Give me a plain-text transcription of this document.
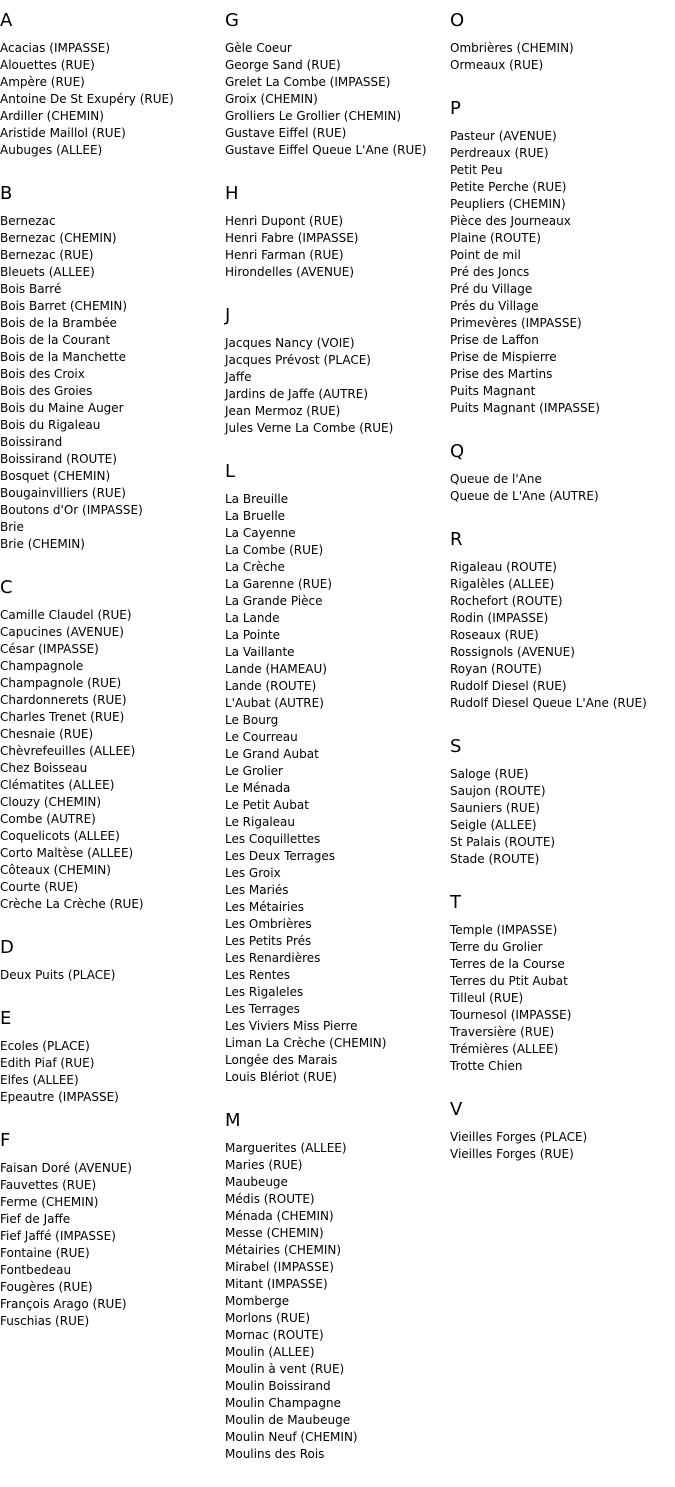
A
Acacias (IMPASSE)
Alouettes (RUE)
Ampère (RUE)
Antoine De St Exupéry (RUE)
Ardiller (CHEMIN)
Aristide Maillol (RUE)
Aubuges (ALLEE)
B
Bernezac
Bernezac (CHEMIN)
Bernezac (RUE)
Bleuets (ALLEE)
Bois Barré
Bois Barret (CHEMIN)
Bois de la Brambée
Bois de la Courant
Bois de la Manchette
Bois des Croix
Bois des Groies
Bois du Maine Auger
Bois du Rigaleau
Boissirand
Boissirand (ROUTE)
Bosquet (CHEMIN)
Bougainvilliers (RUE)
Boutons d'Or (IMPASSE)
Brie
Brie (CHEMIN)
C
Camille Claudel (RUE)
Capucines (AVENUE)
César (IMPASSE)
Champagnole
Champagnole (RUE)
Chardonnerets (RUE)
Charles Trenet (RUE)
Chesnaie (RUE)
Chèvrefeuilles (ALLEE)
Chez Boisseau
Clématites (ALLEE)
Clouzy (CHEMIN)
Combe (AUTRE)
Coquelicots (ALLEE)
Corto Maltèse (ALLEE)
Côteaux (CHEMIN)
Courte (RUE)
Crèche La Crèche (RUE)
D
Deux Puits (PLACE)
E
Ecoles (PLACE)
Edith Piaf (RUE)
Elfes (ALLEE)
Epeautre (IMPASSE)
F
Faisan Doré (AVENUE)
Fauvettes (RUE)
Ferme (CHEMIN)
Fief de Jaffe
Fief Jaffé (IMPASSE)
Fontaine (RUE)
Fontbedeau
Fougères (RUE)
François Arago (RUE)
Fuschias (RUE)
G
Gèle Coeur
George Sand (RUE)
Grelet La Combe (IMPASSE)
Groix (CHEMIN)
Grolliers Le Grollier (CHEMIN)
Gustave Eiffel (RUE)
Gustave Eiffel Queue L'Ane (RUE)
H
Henri Dupont (RUE)
Henri Fabre (IMPASSE)
Henri Farman (RUE)
Hirondelles (AVENUE)
J
Jacques Nancy (VOIE)
Jacques Prévost (PLACE)
Jaffe
Jardins de Jaffe (AUTRE)
Jean Mermoz (RUE)
Jules Verne La Combe (RUE)
L
La Breuille
La Bruelle
La Cayenne
La Combe (RUE)
La Crèche
La Garenne (RUE)
La Grande Pièce
La Lande
La Pointe
La Vaillante
Lande (HAMEAU)
Lande (ROUTE)
L'Aubat (AUTRE)
Le Bourg
Le Courreau
Le Grand Aubat
Le Grolier
Le Ménada
Le Petit Aubat
Le Rigaleau
Les Coquillettes
Les Deux Terrages
Les Groix
Les Mariés
Les Métairies
Les Ombrières
Les Petits Prés
Les Renardières
Les Rentes
Les Rigaleles
Les Terrages
Les Viviers Miss Pierre
Liman La Crèche (CHEMIN)
Longée des Marais
Louis Blériot (RUE)
M
Marguerites (ALLEE)
Maries (RUE)
Maubeuge
Médis (ROUTE)
Ménada (CHEMIN)
Messe (CHEMIN)
Métairies (CHEMIN)
Mirabel (IMPASSE)
Mitant (IMPASSE)
Momberge
Morlons (RUE)
Mornac (ROUTE)
Moulin (ALLEE)
Moulin à vent (RUE)
Moulin Boissirand
Moulin Champagne
Moulin de Maubeuge
Moulin Neuf (CHEMIN)
Moulins des Rois
O
Ombrières (CHEMIN)
Ormeaux (RUE)
P
Pasteur (AVENUE)
Perdreaux (RUE)
Petit Peu
Petite Perche (RUE)
Peupliers (CHEMIN)
Pièce des Journeaux
Plaine (ROUTE)
Point de mil
Pré des Joncs
Pré du Village
Prés du Village
Primevères (IMPASSE)
Prise de Laffon
Prise de Mispierre
Prise des Martins
Puits Magnant
Puits Magnant (IMPASSE)
Q
Queue de l'Ane
Queue de L'Ane (AUTRE)
R
Rigaleau (ROUTE)
Rigalèles (ALLEE)
Rochefort (ROUTE)
Rodin (IMPASSE)
Roseaux (RUE)
Rossignols (AVENUE)
Royan (ROUTE)
Rudolf Diesel (RUE)
Rudolf Diesel Queue L'Ane (RUE)
S
Saloge (RUE)
Saujon (ROUTE)
Sauniers (RUE)
Seigle (ALLEE)
St Palais (ROUTE)
Stade (ROUTE)
T
Temple (IMPASSE)
Terre du Grolier
Terres de la Course
Terres du Ptit Aubat
Tilleul (RUE)
Tournesol (IMPASSE)
Traversière (RUE)
Trémières (ALLEE)
Trotte Chien
V
Vieilles Forges (PLACE)
Vieilles Forges (RUE)
